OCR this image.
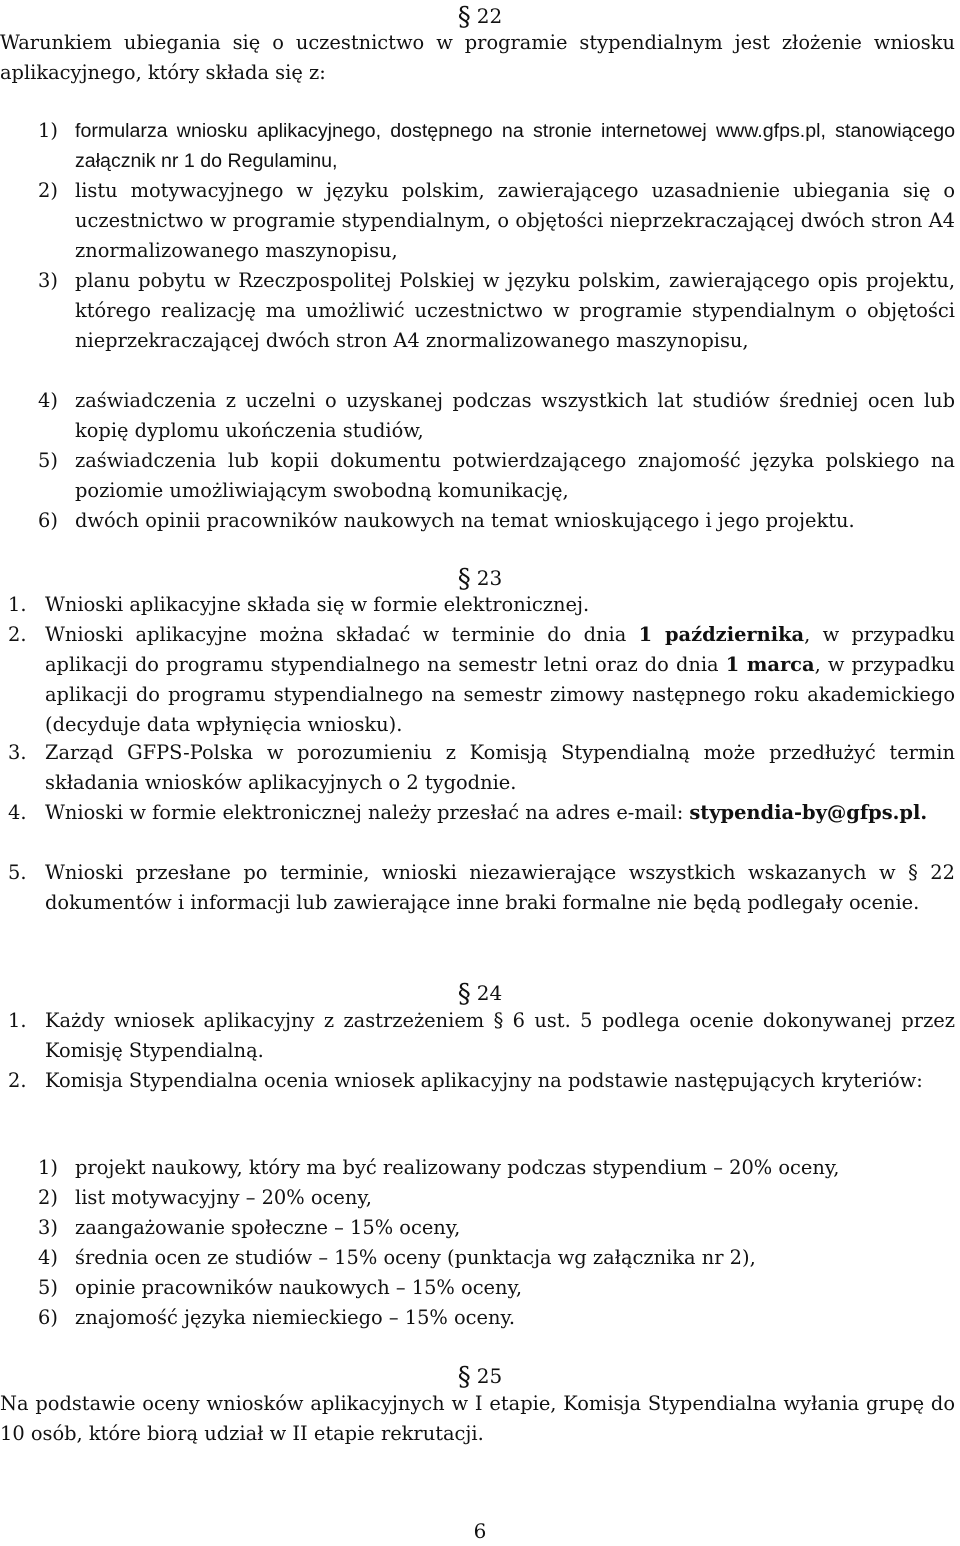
§ 22

Warunkiem ubiegania się o uczestnictwo w programie stypendialnym jest złożenie wniosku aplikacyjnego, który składa się z:

1) formularza wniosku aplikacyjnego, dostępnego na stronie internetowej www.gfps.pl, stanowiącego załącznik nr 1 do Regulaminu,
2) listu motywacyjnego w języku polskim, zawierającego uzasadnienie ubiegania się o uczestnictwo w programie stypendialnym, o objętości nieprzekraczającej dwóch stron A4 znormalizowanego maszynopisu,
3) planu pobytu w Rzeczpospolitej Polskiej w języku polskim, zawierającego opis projektu, którego realizację ma umożliwić uczestnictwo w programie stypendialnym o objętości nieprzekraczającej dwóch stron A4 znormalizowanego maszynopisu,
4) zaświadczenia z uczelni o uzyskanej podczas wszystkich lat studiów średniej ocen lub kopię dyplomu ukończenia studiów,
5) zaświadczenia lub kopii dokumentu potwierdzającego znajomość języka polskiego na poziomie umożliwiającym swobodną komunikację,
6) dwóch opinii pracowników naukowych na temat wnioskującego i jego projektu.
§ 23
1. Wnioski aplikacyjne składa się w formie elektronicznej.
2. Wnioski aplikacyjne można składać w terminie do dnia 1 października, w przypadku aplikacji do programu stypendialnego na semestr letni oraz do dnia 1 marca, w przypadku aplikacji do programu stypendialnego na semestr zimowy następnego roku akademickiego (decyduje data wpłynięcia wniosku).
3. Zarząd GFPS-Polska w porozumieniu z Komisją Stypendialną może przedłużyć termin składania wniosków aplikacyjnych o 2 tygodnie.
4. Wnioski w formie elektronicznej należy przesłać na adres e-mail: stypendia-by@gfps.pl.
5. Wnioski przesłane po terminie, wnioski niezawierające wszystkich wskazanych w § 22 dokumentów i informacji lub zawierające inne braki formalne nie będą podlegały ocenie.
§ 24
1. Każdy wniosek aplikacyjny z zastrzeżeniem § 6 ust. 5 podlega ocenie dokonywanej przez Komisję Stypendialną.
2. Komisja Stypendialna ocenia wniosek aplikacyjny na podstawie następujących kryteriów:
1) projekt naukowy, który ma być realizowany podczas stypendium – 20% oceny,
2) list motywacyjny – 20% oceny,
3) zaangażowanie społeczne – 15% oceny,
4) średnia ocen ze studiów – 15% oceny (punktacja wg załącznika nr 2),
5) opinie pracowników naukowych – 15% oceny,
6) znajomość języka niemieckiego – 15% oceny.
§ 25

Na podstawie oceny wniosków aplikacyjnych w I etapie, Komisja Stypendialna wyłania grupę do 10 osób, które biorą udział w II etapie rekrutacji.

6
